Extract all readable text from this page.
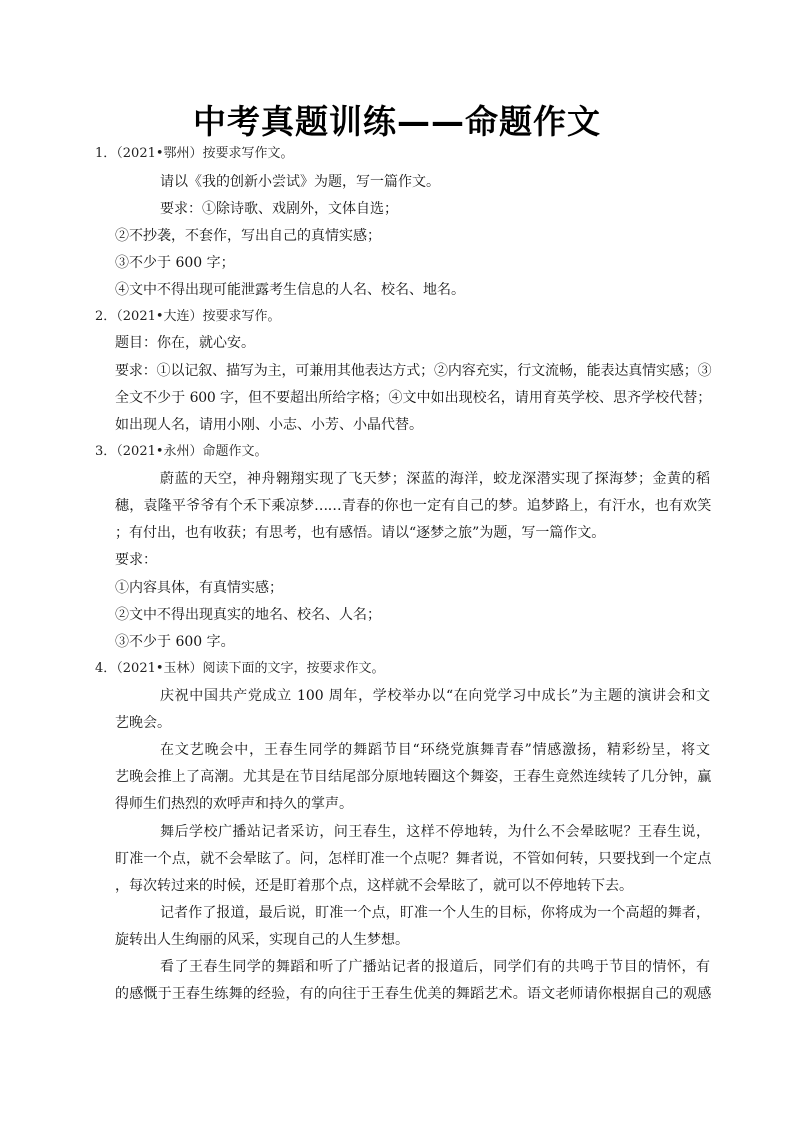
中考真题训练——命题作文
1．（2021•鄂州）按要求写作文。
请以《我的创新小尝试》为题，写一篇作文。
要求：①除诗歌、戏剧外，文体自选；
②不抄袭，不套作，写出自己的真情实感；
③不少于 600 字；
④文中不得出现可能泄露考生信息的人名、校名、地名。
2．（2021•大连）按要求写作。
题目：你在，就心安。
要求：①以记叙、描写为主，可兼用其他表达方式；②内容充实，行文流畅，能表达真情实感；③
全文不少于 600 字，但不要超出所给字格；④文中如出现校名，请用育英学校、思齐学校代替；
如出现人名，请用小刚、小志、小芳、小晶代替。
3．（2021•永州）命题作文。
蔚蓝的天空，神舟翱翔实现了飞天梦；深蓝的海洋，蛟龙深潜实现了探海梦；金黄的稻
穗，袁隆平爷爷有个禾下乘凉梦……青春的你也一定有自己的梦。追梦路上，有汗水，也有欢笑
；有付出，也有收获；有思考，也有感悟。请以“逐梦之旅”为题，写一篇作文。
要求：
①内容具体，有真情实感；
②文中不得出现真实的地名、校名、人名；
③不少于 600 字。
4．（2021•玉林）阅读下面的文字，按要求作文。
庆祝中国共产党成立 100 周年，学校举办以“在向党学习中成长”为主题的演讲会和文
艺晚会。
在文艺晚会中，王春生同学的舞蹈节目“环绕党旗舞青春”情感激扬，精彩纷呈，将文
艺晚会推上了高潮。尤其是在节目结尾部分原地转圈这个舞姿，王春生竟然连续转了几分钟，赢
得师生们热烈的欢呼声和持久的掌声。
舞后学校广播站记者采访，问王春生，这样不停地转，为什么不会晕眩呢？王春生说，
盯准一个点，就不会晕眩了。问，怎样盯准一个点呢？舞者说，不管如何转，只要找到一个定点
，每次转过来的时候，还是盯着那个点，这样就不会晕眩了，就可以不停地转下去。
记者作了报道，最后说，盯准一个点，盯准一个人生的目标，你将成为一个高超的舞者，
旋转出人生绚丽的风采，实现自己的人生梦想。
看了王春生同学的舞蹈和听了广播站记者的报道后，同学们有的共鸣于节目的情怀，有
的感慨于王春生练舞的经验，有的向往于王春生优美的舞蹈艺术。语文老师请你根据自己的观感
